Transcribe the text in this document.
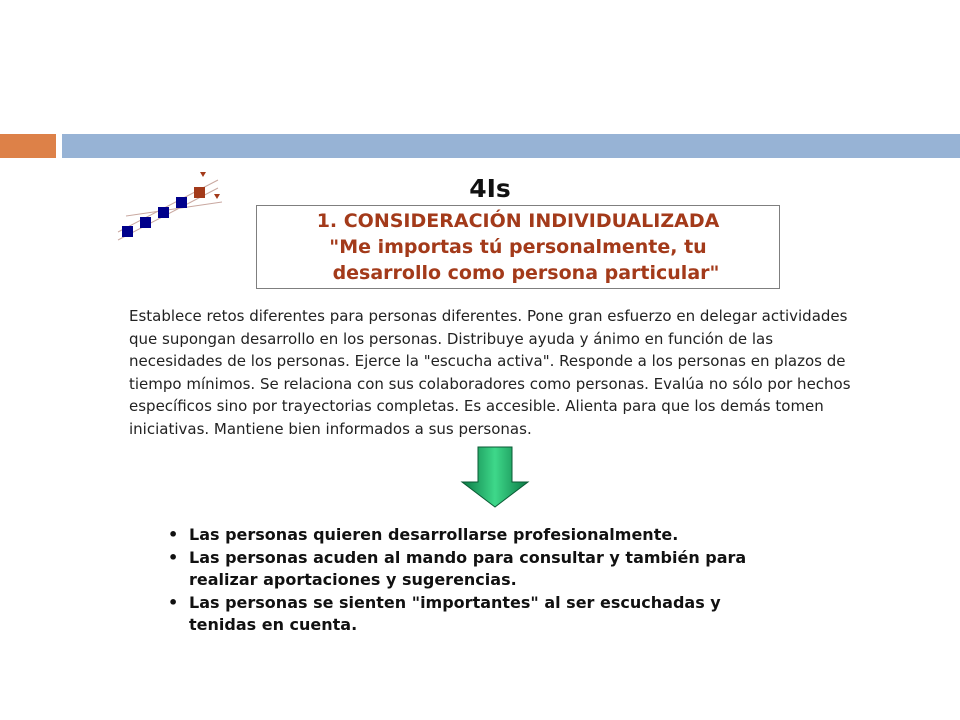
4Is
1. CONSIDERACIÓN INDIVIDUALIZADA
"Me importas tú personalmente, tu
desarrollo como persona particular"
Establece retos diferentes para personas diferentes. Pone gran esfuerzo en delegar actividades
que supongan desarrollo en los personas. Distribuye ayuda y ánimo en función de las
necesidades de los personas. Ejerce la "escucha activa". Responde a los personas en plazos de
tiempo mínimos. Se relaciona con sus colaboradores como personas. Evalúa no sólo por hechos
específicos sino por trayectorias completas. Es accesible. Alienta para que los demás tomen
iniciativas. Mantiene bien informados a sus personas.
• Las personas quieren desarrollarse profesionalmente.
• Las personas acuden al mando para consultar y también para
realizar aportaciones y sugerencias.
• Las personas se sienten "importantes" al ser escuchadas y
tenidas en cuenta.
